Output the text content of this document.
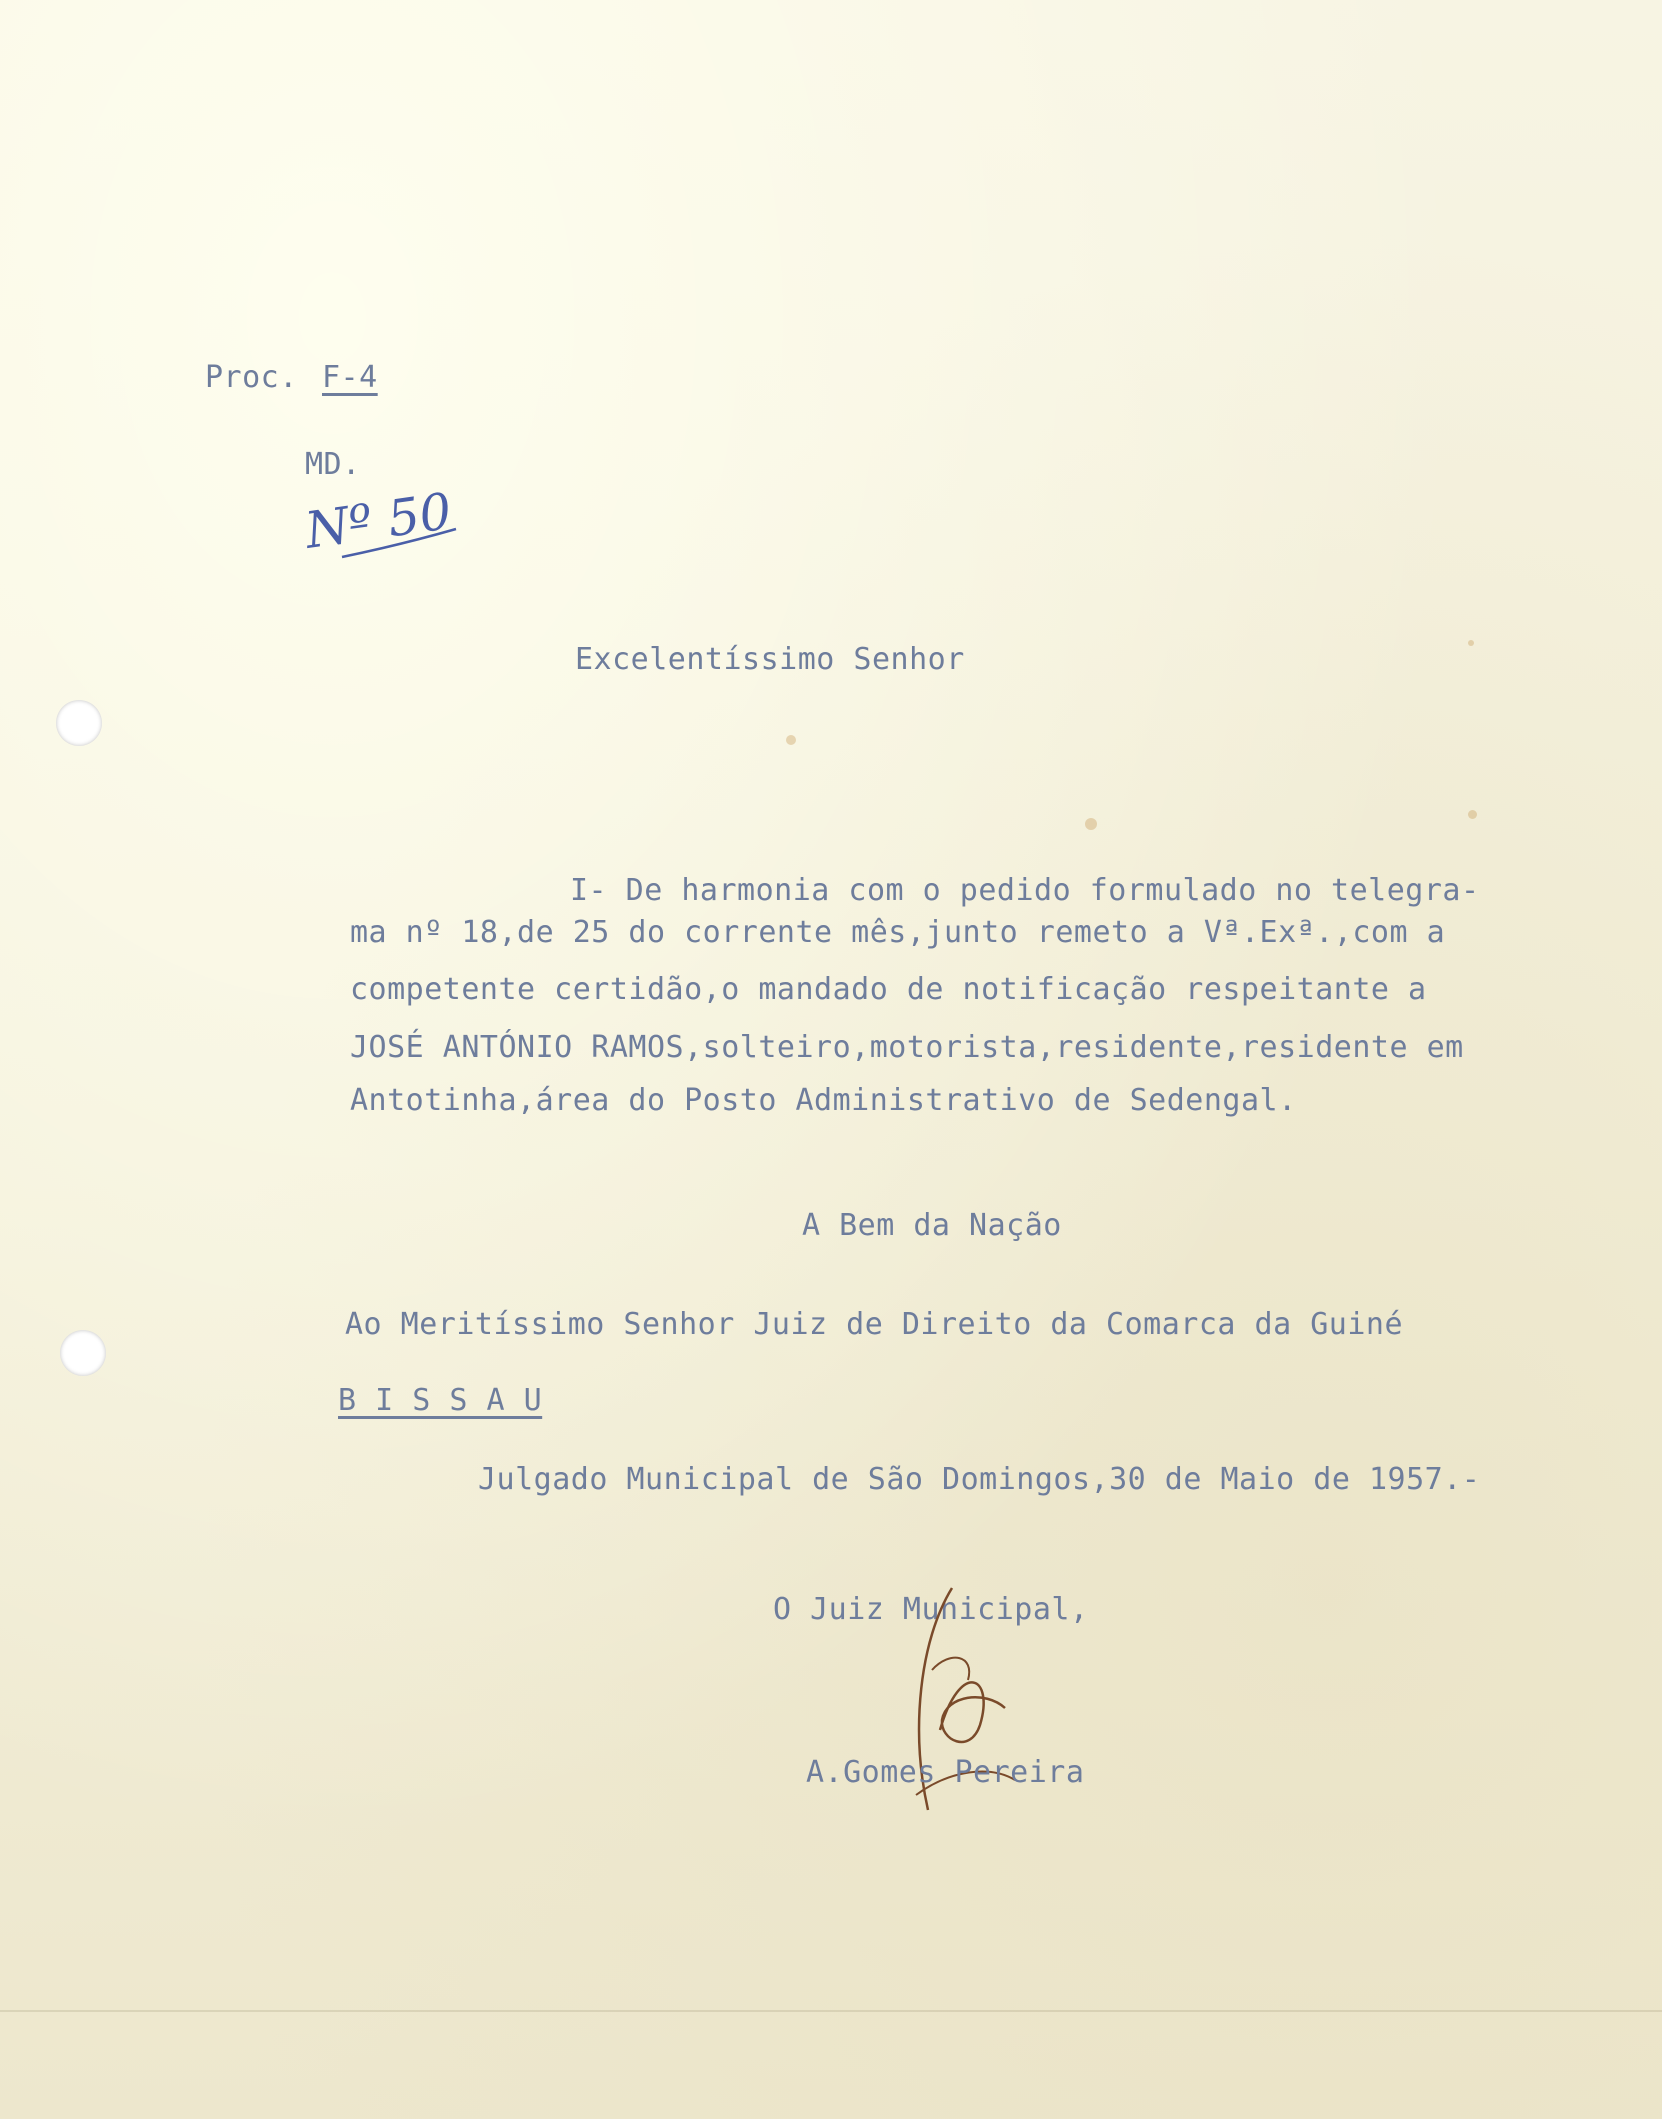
Proc. F-4
MD.
Nº 50
Excelentíssimo Senhor
I- De harmonia com o pedido formulado no telegra-
ma nº 18,de 25 do corrente mês,junto remeto a Vª.Exª.,com a
competente certidão,o mandado de notificação respeitante a
JOSÉ ANTÓNIO RAMOS,solteiro,motorista,residente,residente em
Antotinha,área do Posto Administrativo de Sedengal.
A Bem da Nação
Ao Meritíssimo Senhor Juiz de Direito da Comarca da Guiné
B I S S A U
Julgado Municipal de São Domingos,30 de Maio de 1957.-
O Juiz Municipal,
A.Gomes Pereira
